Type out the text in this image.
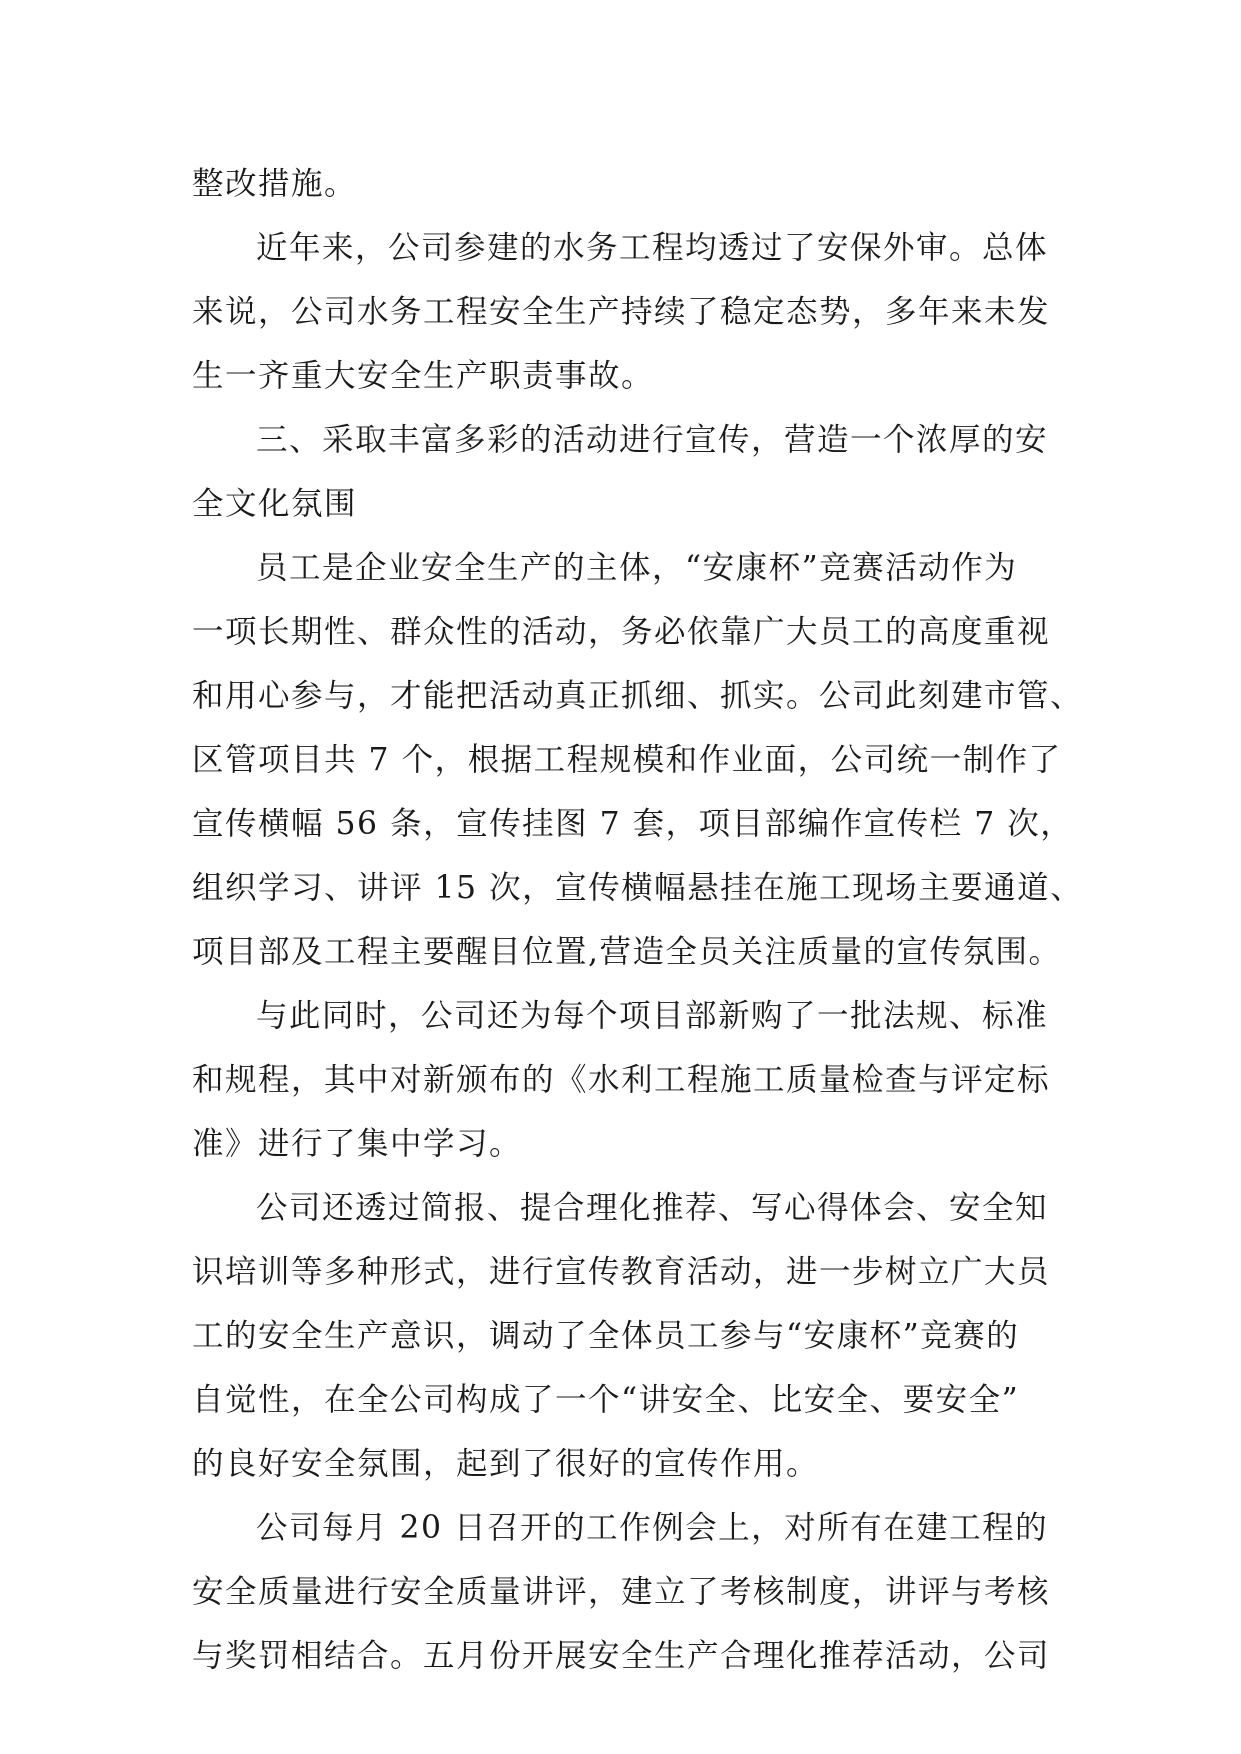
整改措施。
近年来，公司参建的水务工程均透过了安保外审。总体
来说，公司水务工程安全生产持续了稳定态势，多年来未发
生一齐重大安全生产职责事故。
三、采取丰富多彩的活动进行宣传，营造一个浓厚的安
全文化氛围
员工是企业安全生产的主体，“安康杯”竞赛活动作为
一项长期性、群众性的活动，务必依靠广大员工的高度重视
和用心参与，才能把活动真正抓细、抓实。公司此刻建市管、
区管项目共 7 个，根据工程规模和作业面，公司统一制作了
宣传横幅 56 条，宣传挂图 7 套，项目部编作宣传栏 7 次，
组织学习、讲评 15 次，宣传横幅悬挂在施工现场主要通道、
项目部及工程主要醒目位置,营造全员关注质量的宣传氛围。
与此同时，公司还为每个项目部新购了一批法规、标准
和规程，其中对新颁布的《水利工程施工质量检查与评定标
准》进行了集中学习。
公司还透过简报、提合理化推荐、写心得体会、安全知
识培训等多种形式，进行宣传教育活动，进一步树立广大员
工的安全生产意识，调动了全体员工参与“安康杯”竞赛的
自觉性，在全公司构成了一个“讲安全、比安全、要安全”
的良好安全氛围，起到了很好的宣传作用。
公司每月 20 日召开的工作例会上，对所有在建工程的
安全质量进行安全质量讲评，建立了考核制度，讲评与考核
与奖罚相结合。五月份开展安全生产合理化推荐活动，公司
